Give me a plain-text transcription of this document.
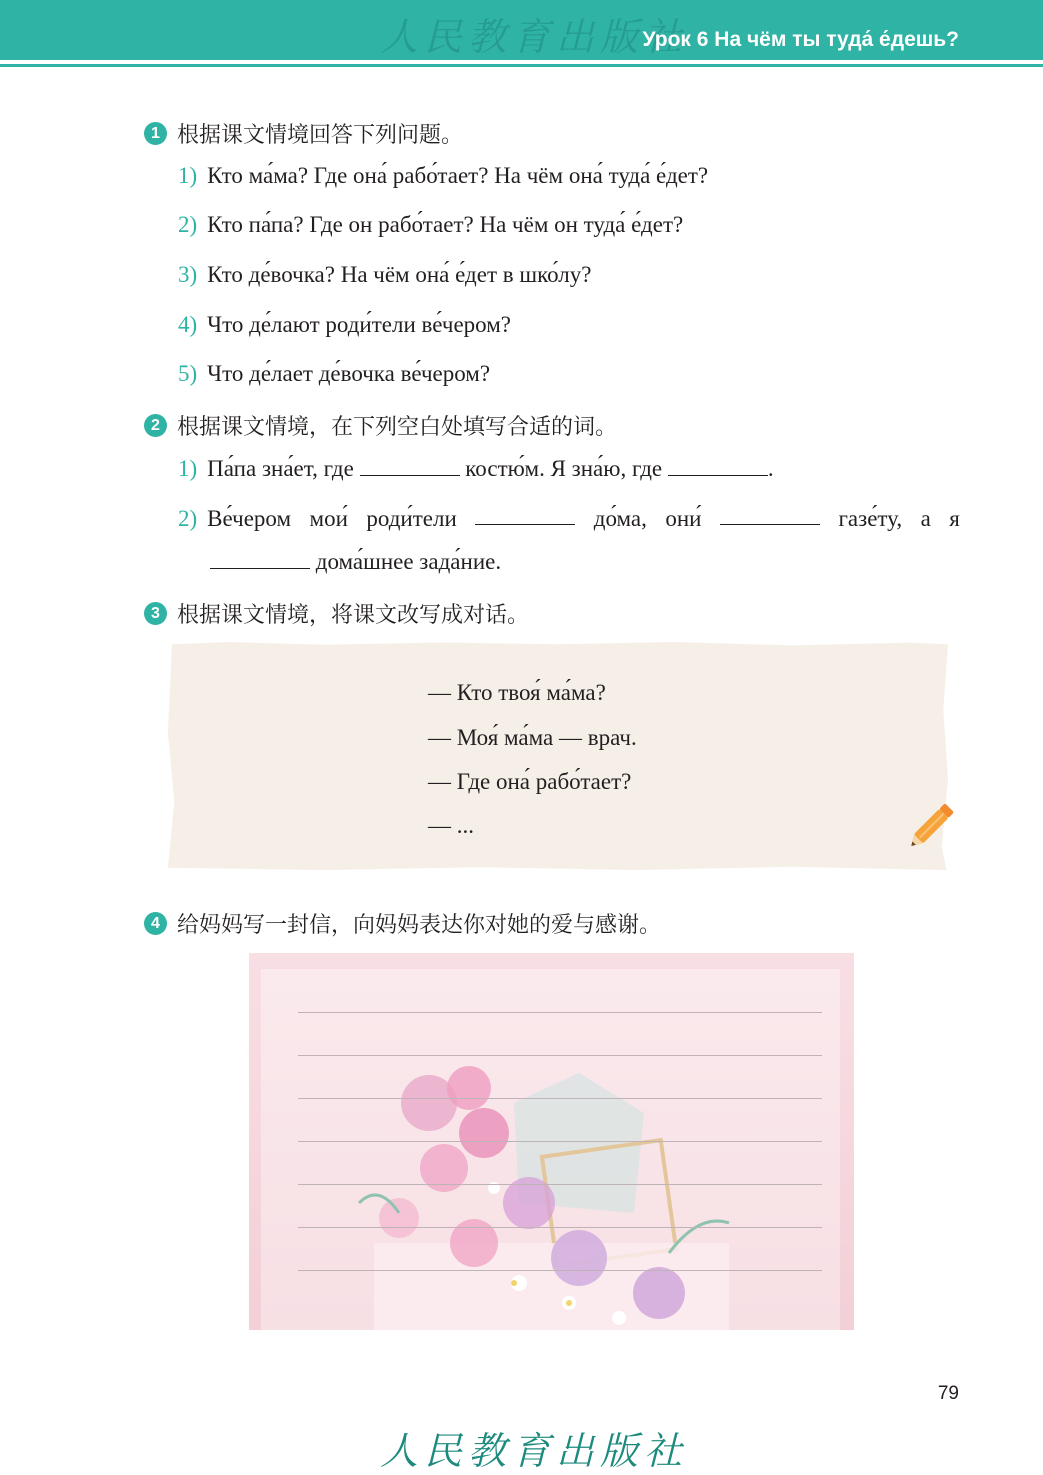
人民教育出版社
Урок 6 На чём ты туда́ е́дешь?
1 根据课文情境回答下列问题。
1) Кто ма́ма? Где она́ рабо́тает? На чём она́ туда́ е́дет?
2) Кто па́па? Где он рабо́тает? На чём он туда́ е́дет?
3) Кто де́вочка? На чём она́ е́дет в шко́лу?
4) Что де́лают роди́тели ве́чером?
5) Что де́лает де́вочка ве́чером?
2 根据课文情境，在下列空白处填写合适的词。
1) Па́па зна́ет, где	костю́м. Я зна́ю, где	.
2) Ве́чером мои́ роди́тели	до́ма, они́	газе́ту, а я
дома́шнее зада́ние.
3 根据课文情境，将课文改写成对话。
— Кто твоя́ ма́ма?
— Моя́ ма́ма — врач.
— Где она́ рабо́тает?
— ...
4 给妈妈写一封信，向妈妈表达你对她的爱与感谢。
79
人民教育出版社
